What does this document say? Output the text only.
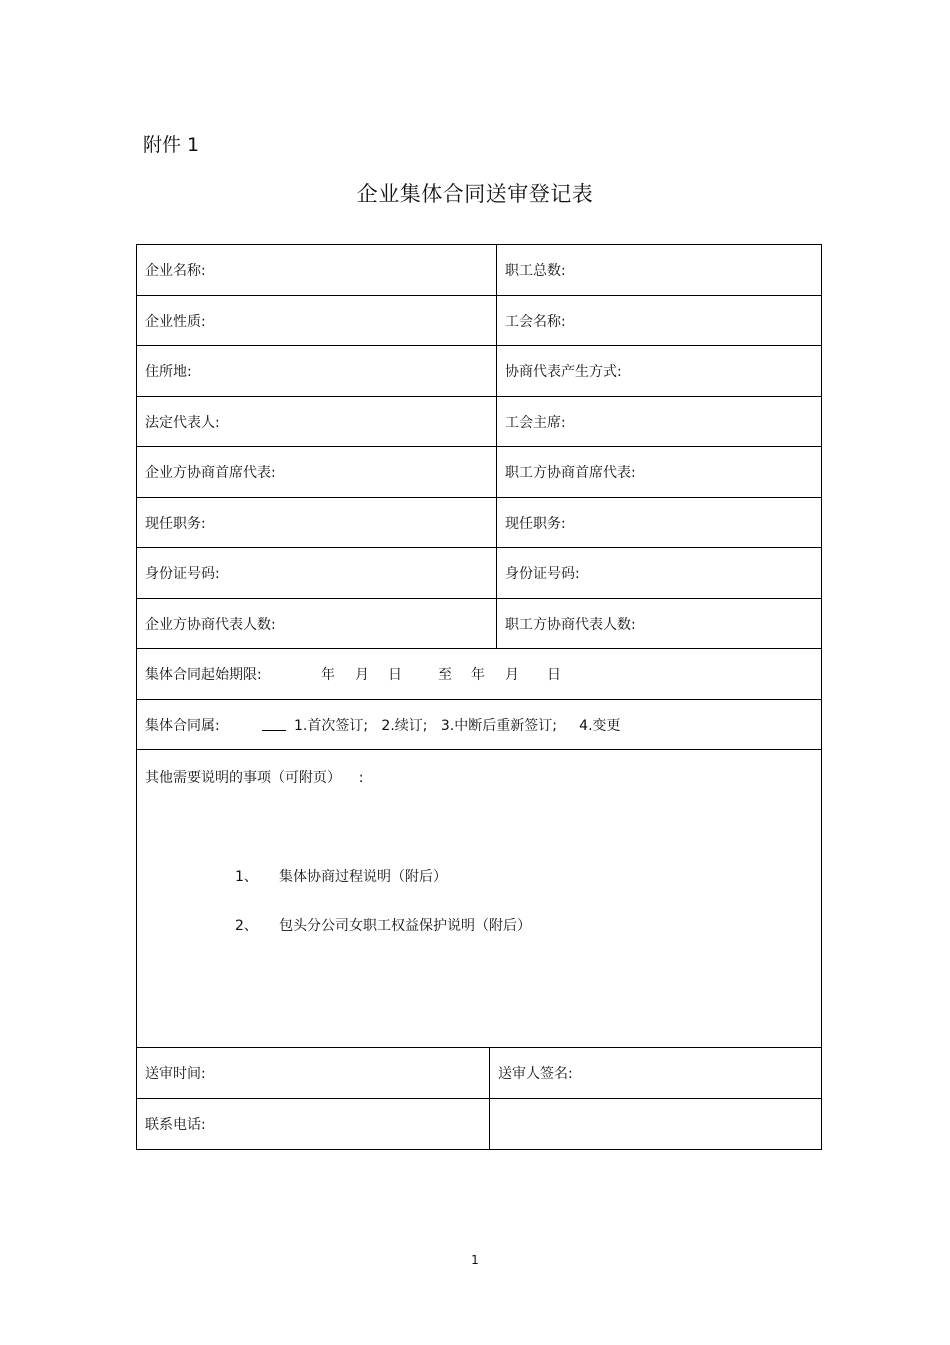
附件 1
企业集体合同送审登记表
企业名称:	职工总数:
企业性质:	工会名称:
住所地:	协商代表产生方式:
法定代表人:	工会主席:
企业方协商首席代表:	职工方协商首席代表:
现任职务:	现任职务:
身份证号码:	身份证号码:
企业方协商代表人数:	职工方协商代表人数:
集体合同起始期限:	年 月 日	至 年 月 日
集体合同属:	1.首次签订;   2.续订;   3.中断后重新签订;     4.变更
其他需要说明的事项（可附页）    :
1、 集体协商过程说明（附后）
2、 包头分公司女职工权益保护说明（附后）
送审时间:	送审人签名:
联系电话:
1
